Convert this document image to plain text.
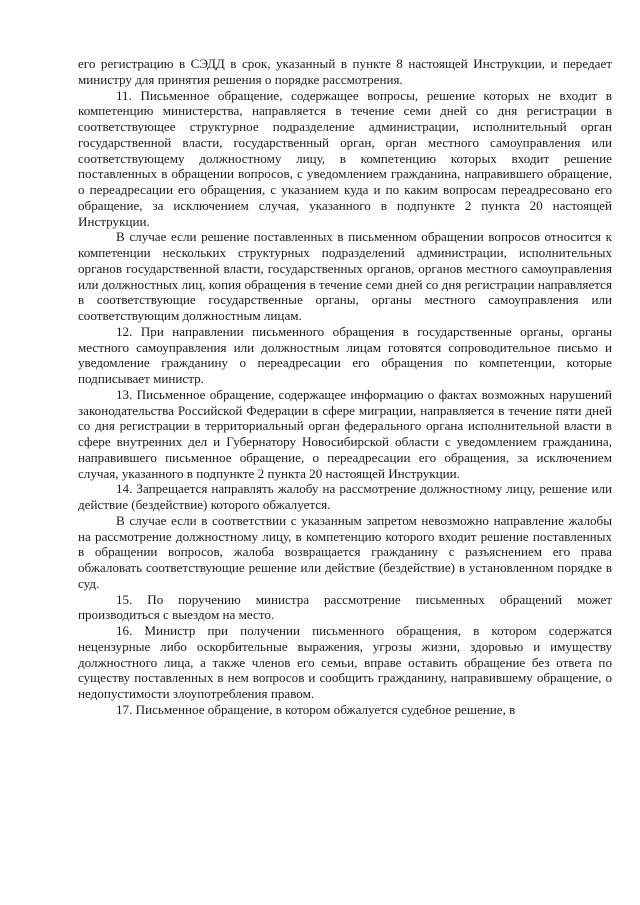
его регистрацию в СЭДД в срок, указанный в пункте 8 настоящей Инструкции, и передает министру для принятия решения о порядке рассмотрения.

11. Письменное обращение, содержащее вопросы, решение которых не входит в компетенцию министерства, направляется в течение семи дней со дня регистрации в соответствующее структурное подразделение администрации, исполнительный орган государственной власти, государственный орган, орган местного самоуправления или соответствующему должностному лицу, в компетенцию которых входит решение поставленных в обращении вопросов, с уведомлением гражданина, направившего обращение, о переадресации его обращения, с указанием куда и по каким вопросам переадресовано его обращение, за исключением случая, указанного в подпункте 2 пункта 20 настоящей Инструкции.

В случае если решение поставленных в письменном обращении вопросов относится к компетенции нескольких структурных подразделений администрации, исполнительных органов государственной власти, государственных органов, органов местного самоуправления или должностных лиц, копия обращения в течение семи дней со дня регистрации направляется в соответствующие государственные органы, органы местного самоуправления или соответствующим должностным лицам.

12. При направлении письменного обращения в государственные органы, органы местного самоуправления или должностным лицам готовятся сопроводительное письмо и уведомление гражданину о переадресации его обращения по компетенции, которые подписывает министр.

13. Письменное обращение, содержащее информацию о фактах возможных нарушений законодательства Российской Федерации в сфере миграции, направляется в течение пяти дней со дня регистрации в территориальный орган федерального органа исполнительной власти в сфере внутренних дел и Губернатору Новосибирской области с уведомлением гражданина, направившего письменное обращение, о переадресации его обращения, за исключением случая, указанного в подпункте 2 пункта 20 настоящей Инструкции.

14. Запрещается направлять жалобу на рассмотрение должностному лицу, решение или действие (бездействие) которого обжалуется.

В случае если в соответствии с указанным запретом невозможно направление жалобы на рассмотрение должностному лицу, в компетенцию которого входит решение поставленных в обращении вопросов, жалоба возвращается гражданину с разъяснением его права обжаловать соответствующие решение или действие (бездействие) в установленном порядке в суд.

15. По поручению министра рассмотрение письменных обращений может производиться с выездом на место.

16. Министр при получении письменного обращения, в котором содержатся нецензурные либо оскорбительные выражения, угрозы жизни, здоровью и имуществу должностного лица, а также членов его семьи, вправе оставить обращение без ответа по существу поставленных в нем вопросов и сообщить гражданину, направившему обращение, о недопустимости злоупотребления правом.

17. Письменное обращение, в котором обжалуется судебное решение, в
